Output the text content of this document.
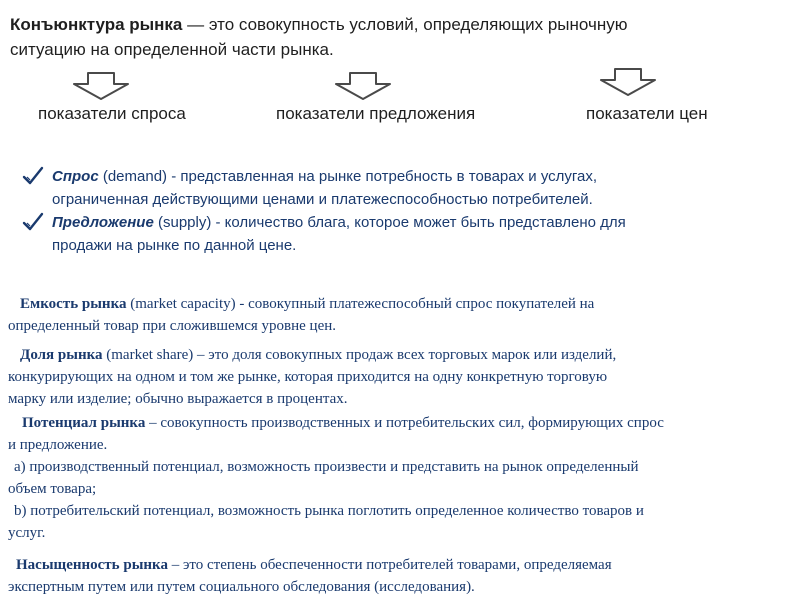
Конъюнктура рынка — это совокупность условий, определяющих рыночную
ситуацию на определенной части рынка.
показатели спроса	показатели предложения	показатели цен
Спрос (demand) - представленная на рынке потребность в товарах и услугах,
ограниченная действующими ценами и платежеспособностью потребителей.
Предложение (supply) - количество блага, которое может быть представлено для
продажи на рынке по данной цене.
Емкость рынка (market capacity) - совокупный платежеспособный спрос покупателей на
определенный товар при сложившемся уровне цен.
Доля рынка (market share) – это доля совокупных продаж всех торговых марок или изделий,
конкурирующих на одном и том же рынке, которая приходится на одну конкретную торговую
марку или изделие; обычно выражается в процентах.
Потенциал рынка – совокупность производственных и потребительских сил, формирующих спрос
и предложение.
а) производственный потенциал, возможность произвести и представить на рынок определенный
объем товара;
b) потребительский потенциал, возможность рынка поглотить определенное количество товаров и
услуг.
Насыщенность рынка – это степень обеспеченности потребителей товарами, определяемая
экспертным путем или путем социального обследования (исследования).
